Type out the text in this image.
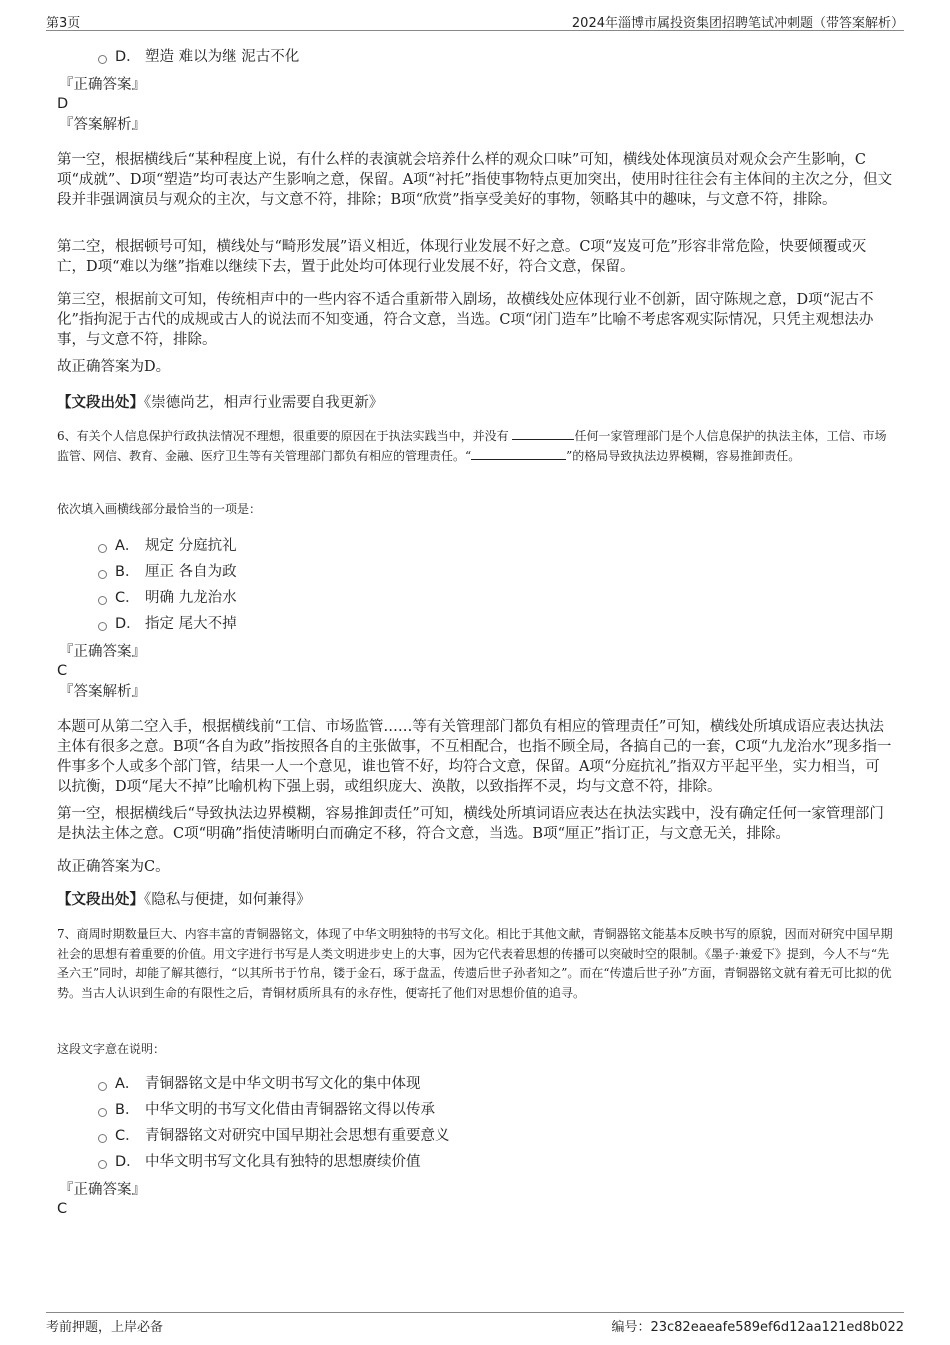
第3页	2024年淄博市属投资集团招聘笔试冲刺题（带答案解析）
D． 塑造 难以为继 泥古不化
『正确答案』
D
『答案解析』

第一空，根据横线后“某种程度上说，有什么样的表演就会培养什么样的观众口味”可知，横线处体现演员对观众会产生影响，C项“成就”、D项“塑造”均可表达产生影响之意，保留。A项“衬托”指使事物特点更加突出，使用时往往会有主体间的主次之分，但文段并非强调演员与观众的主次，与文意不符，排除；B项“欣赏”指享受美好的事物，领略其中的趣味，与文意不符，排除。

第二空，根据顿号可知，横线处与“畸形发展”语义相近，体现行业发展不好之意。C项“岌岌可危”形容非常危险，快要倾覆或灭亡，D项“难以为继”指难以继续下去，置于此处均可体现行业发展不好，符合文意，保留。

第三空，根据前文可知，传统相声中的一些内容不适合重新带入剧场，故横线处应体现行业不创新，固守陈规之意，D项“泥古不化”指拘泥于古代的成规或古人的说法而不知变通，符合文意，当选。C项“闭门造车”比喻不考虑客观实际情况，只凭主观想法办事，与文意不符，排除。

故正确答案为D。

【文段出处】《崇德尚艺，相声行业需要自我更新》

6、有关个人信息保护行政执法情况不理想，很重要的原因在于执法实践当中，并没有	任何一家管理部门是个人信息保护的执法主体，工信、市场监管、网信、教育、金融、医疗卫生等有关管理部门都负有相应的管理责任。“	”的格局导致执法边界模糊，容易推卸责任。

依次填入画横线部分最恰当的一项是：

A． 规定 分庭抗礼
B． 厘正 各自为政
C． 明确 九龙治水
D． 指定 尾大不掉
『正确答案』
C
『答案解析』

本题可从第二空入手，根据横线前“工信、市场监管……等有关管理部门都负有相应的管理责任”可知，横线处所填成语应表达执法主体有很多之意。B项“各自为政”指按照各自的主张做事，不互相配合，也指不顾全局，各搞自己的一套，C项“九龙治水”现多指一件事多个人或多个部门管，结果一人一个意见，谁也管不好，均符合文意，保留。A项“分庭抗礼”指双方平起平坐，实力相当，可以抗衡，D项“尾大不掉”比喻机构下强上弱，或组织庞大、涣散，以致指挥不灵，均与文意不符，排除。

第一空，根据横线后“导致执法边界模糊，容易推卸责任”可知，横线处所填词语应表达在执法实践中，没有确定任何一家管理部门是执法主体之意。C项“明确”指使清晰明白而确定不移，符合文意，当选。B项“厘正”指订正，与文意无关，排除。

故正确答案为C。

【文段出处】《隐私与便捷，如何兼得》

7、商周时期数量巨大、内容丰富的青铜器铭文，体现了中华文明独特的书写文化。相比于其他文献，青铜器铭文能基本反映书写的原貌，因而对研究中国早期社会的思想有着重要的价值。用文字进行书写是人类文明进步史上的大事，因为它代表着思想的传播可以突破时空的限制。《墨子·兼爱下》提到，今人不与“先圣六王”同时，却能了解其德行，“以其所书于竹帛，镂于金石，琢于盘盂，传遗后世子孙者知之”。而在“传遗后世子孙”方面，青铜器铭文就有着无可比拟的优势。当古人认识到生命的有限性之后，青铜材质所具有的永存性，便寄托了他们对思想价值的追寻。

这段文字意在说明：

A． 青铜器铭文是中华文明书写文化的集中体现
B． 中华文明的书写文化借由青铜器铭文得以传承
C． 青铜器铭文对研究中国早期社会思想有重要意义
D． 中华文明书写文化具有独特的思想赓续价值
『正确答案』
C
考前押题，上岸必备	编号：23c82eaeafe589ef6d12aa121ed8b022
